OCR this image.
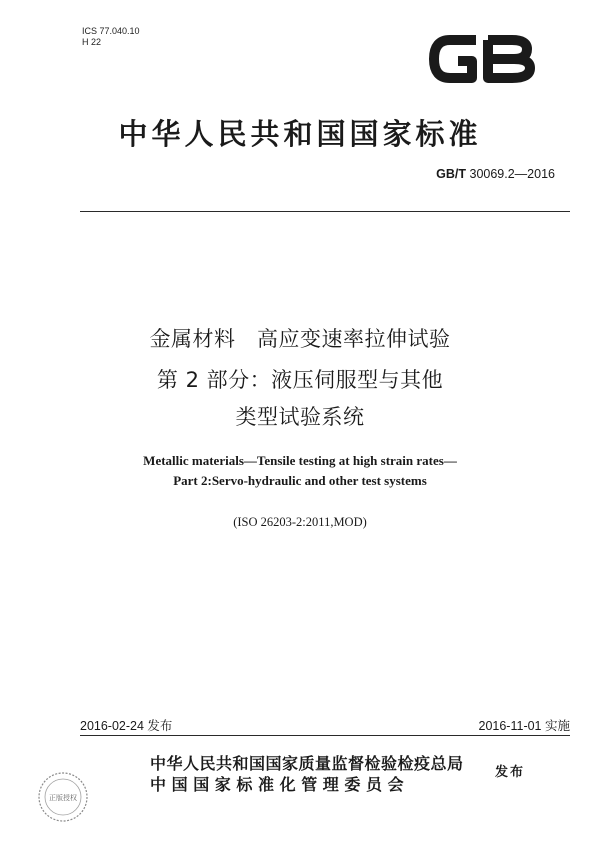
ICS 77.040.10
H 22
中华人民共和国国家标准
GB/T 30069.2—2016
金属材料　高应变速率拉伸试验
第 2 部分：液压伺服型与其他
类型试验系统
Metallic materials—Tensile testing at high strain rates—
Part 2:Servo-hydraulic and other test systems
(ISO 26203-2:2011,MOD)
2016-02-24 发布	2016-11-01 实施
中华人民共和国国家质量监督检验检疫总局
中国国家标准化管理委员会
发布
正版授权
